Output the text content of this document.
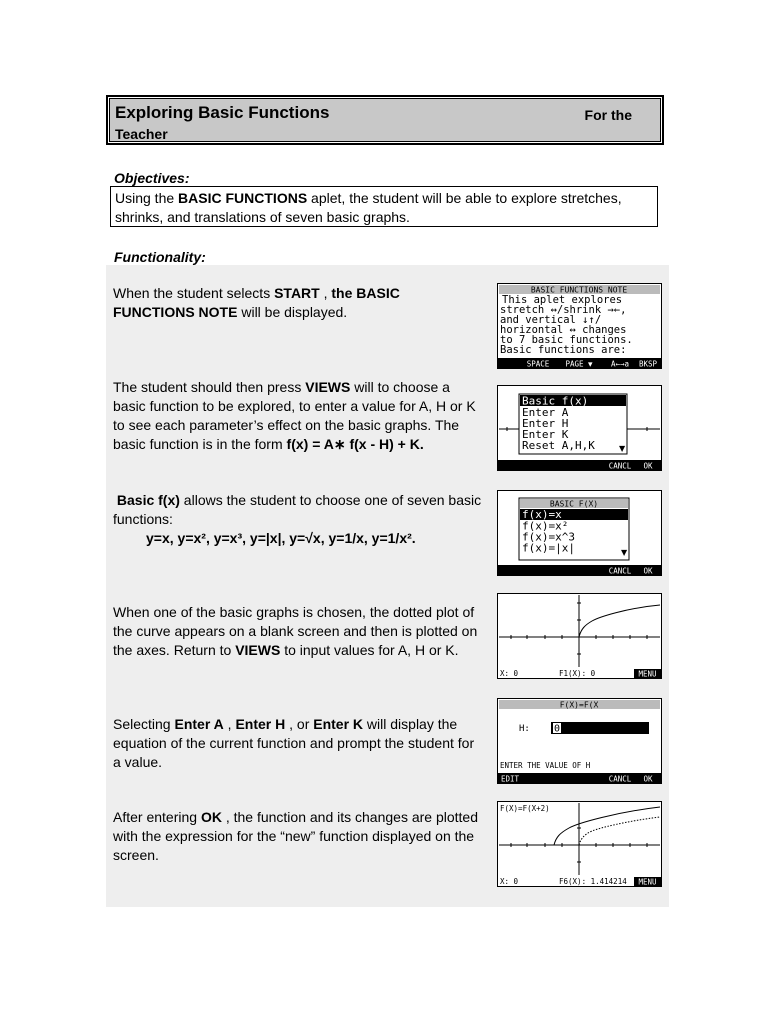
Exploring Basic Functions	For the
Teacher
Objectives:
Using the BASIC FUNCTIONS aplet, the student will be able to explore stretches, shrinks, and translations of seven basic graphs.
Functionality:
When the student selects START , the BASIC FUNCTIONS NOTE will be displayed.
The student should then press VIEWS will to choose a basic function to be explored, to enter a value for A, H or K to see each parameter’s effect on the basic graphs. The basic function is in the form f(x) = A∗ f(x - H) + K.
Basic f(x) allows the student to choose one of seven basic functions:
y=x, y=x², y=x³, y=|x|, y=√x, y=1/x, y=1/x².
When one of the basic graphs is chosen, the dotted plot of the curve appears on a blank screen and then is plotted on the axes. Return to VIEWS to input values for A, H or K.
Selecting Enter A , Enter H , or Enter K will display the equation of the current function and prompt the student for a value.
After entering OK , the function and its changes are plotted with the expression for the “new” function displayed on the screen.
BASIC FUNCTIONS NOTE
This aplet explores
stretch ↔/shrink →←,
and vertical ↓↑/
horizontal ↔ changes
to 7 basic functions.
Basic functions are:
SPACE PAGE ▼ A←→a BKSP
Basic f(x)
Enter A
Enter H
Enter K
Reset A,H,K	▼
CANCL OK
BASIC F(X)
f(x)=x
f(x)=x²
f(x)=x^3
f(x)=|x|	▼
CANCL OK
X: 0	F1(X): 0	MENU
F(X)=F(X
H: 0
ENTER THE VALUE OF H
EDIT	CANCL OK
F(X)=F(X+2)
X: 0	F6(X): 1.414214 MENU
